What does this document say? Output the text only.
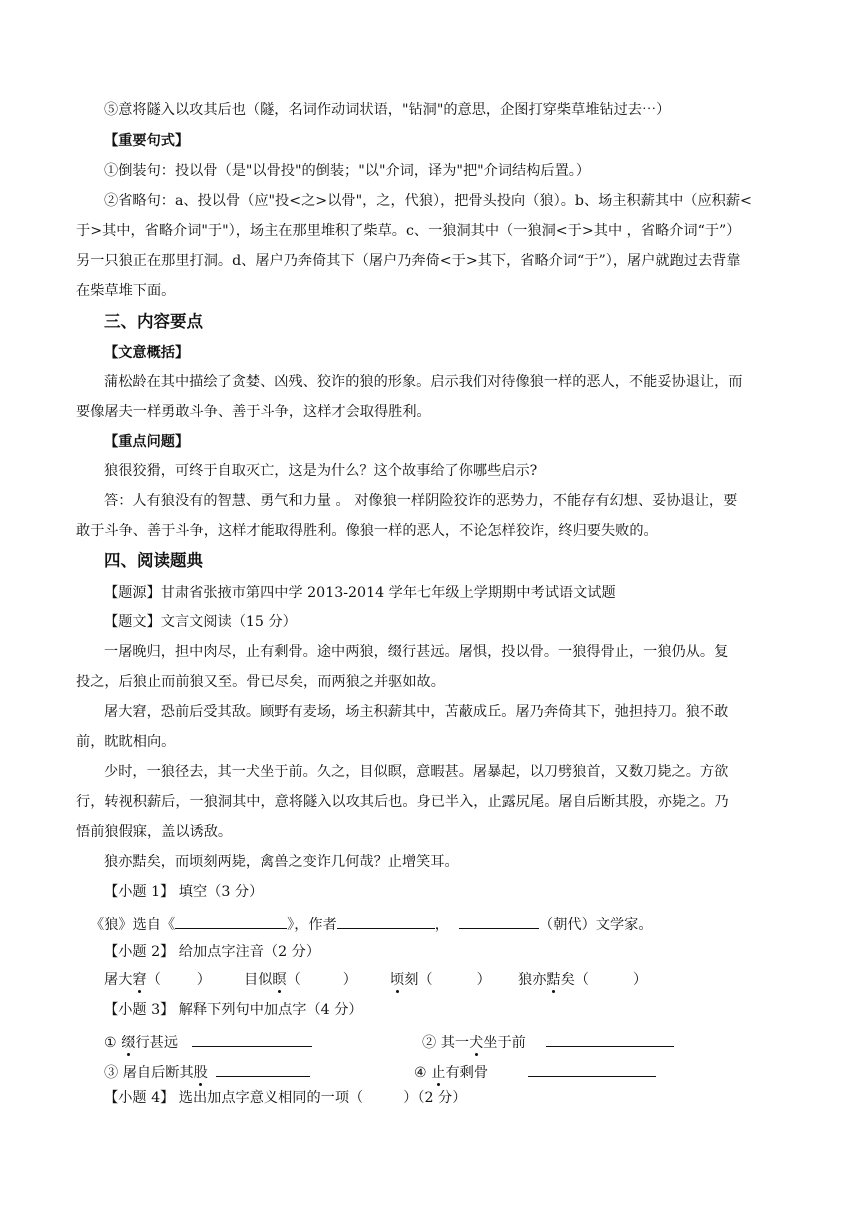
⑤意将隧入以攻其后也（隧，名词作动词状语，"钻洞"的意思，企图打穿柴草堆钻过去⋯）
【重要句式】
①倒装句：投以骨（是"以骨投"的倒装；"以"介词，译为"把"介词结构后置。）
②省略句：a、投以骨（应"投<之>以骨"，之，代狼），把骨头投向（狼）。b、场主积薪其中（应积薪<
于>其中，省略介词"于"），场主在那里堆积了柴草。c、一狼洞其中（一狼洞<于>其中 ，省略介词“于”）
另一只狼正在那里打洞。d、屠户乃奔倚其下（屠户乃奔倚<于>其下，省略介词“于”），屠户就跑过去背靠
在柴草堆下面。
三、内容要点
【文意概括】
蒲松龄在其中描绘了贪婪、凶残、狡诈的狼的形象。启示我们对待像狼一样的恶人，不能妥协退让，而
要像屠夫一样勇敢斗争、善于斗争，这样才会取得胜利。
【重点问题】
狼很狡猾，可终于自取灭亡，这是为什么？这个故事给了你哪些启示?
答：人有狼没有的智慧、勇气和力量 。 对像狼一样阴险狡诈的恶势力，不能存有幻想、妥协退让，要
敢于斗争、善于斗争，这样才能取得胜利。像狼一样的恶人，不论怎样狡诈，终归要失败的。
四、阅读题典
【题源】甘肃省张掖市第四中学 2013-2014 学年七年级上学期期中考试语文试题
【题文】文言文阅读（15 分）
一屠晚归，担中肉尽，止有剩骨。途中两狼，缀行甚远。屠惧，投以骨。一狼得骨止，一狼仍从。复
投之，后狼止而前狼又至。骨已尽矣，而两狼之并驱如故。
屠大窘，恐前后受其敌。顾野有麦场，场主积薪其中，苫蔽成丘。屠乃奔倚其下，弛担持刀。狼不敢
前，眈眈相向。
少时，一狼径去，其一犬坐于前。久之，目似瞑，意暇甚。屠暴起，以刀劈狼首，又数刀毙之。方欲
行，转视积薪后，一狼洞其中，意将隧入以攻其后也。身已半入，止露尻尾。屠自后断其股，亦毙之。乃
悟前狼假寐，盖以诱敌。
狼亦黠矣，而顷刻两毙，禽兽之变诈几何哉？止增笑耳。
【小题 1】 填空（3 分）
《狼》选自《	》，作者	，	（朝代）文学家。
【小题 2】 给加点字注音（2 分）
屠大窘（	） 目似瞑（	） 顷刻（	） 狼亦黠矣（	）
【小题 3】 解释下列句中加点字（4 分）
① 缀行甚远	② 其一犬坐于前
③ 屠自后断其股	④ 止有剩骨
【小题 4】 选出加点字意义相同的一项（	）（2 分）
